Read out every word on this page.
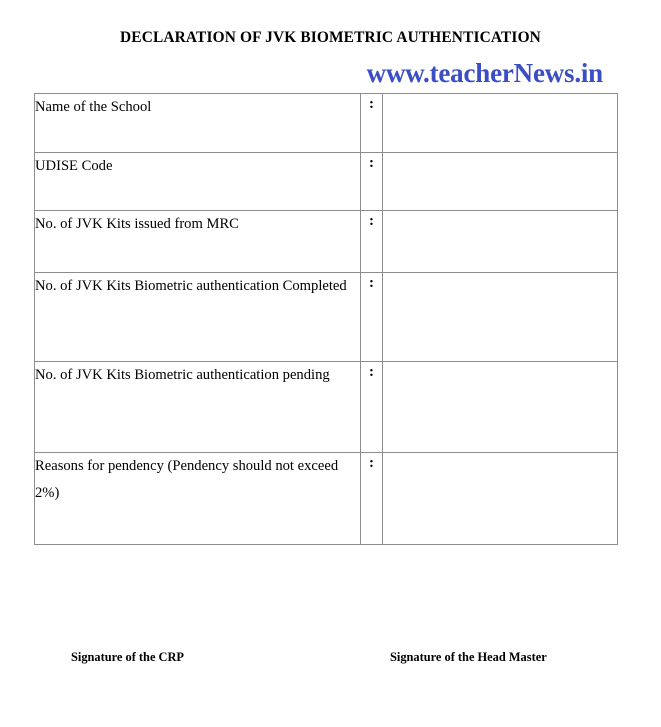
DECLARATION OF JVK BIOMETRIC AUTHENTICATION
www.teacherNews.in
Name of the School	:	
UDISE Code	:	
No. of JVK Kits issued from MRC	:	
No. of JVK Kits Biometric authentication Completed	:	
No. of JVK Kits Biometric authentication pending	:	
Reasons for pendency (Pendency should not exceed 2%)	:	
Signature of the CRP	Signature of the Head Master
